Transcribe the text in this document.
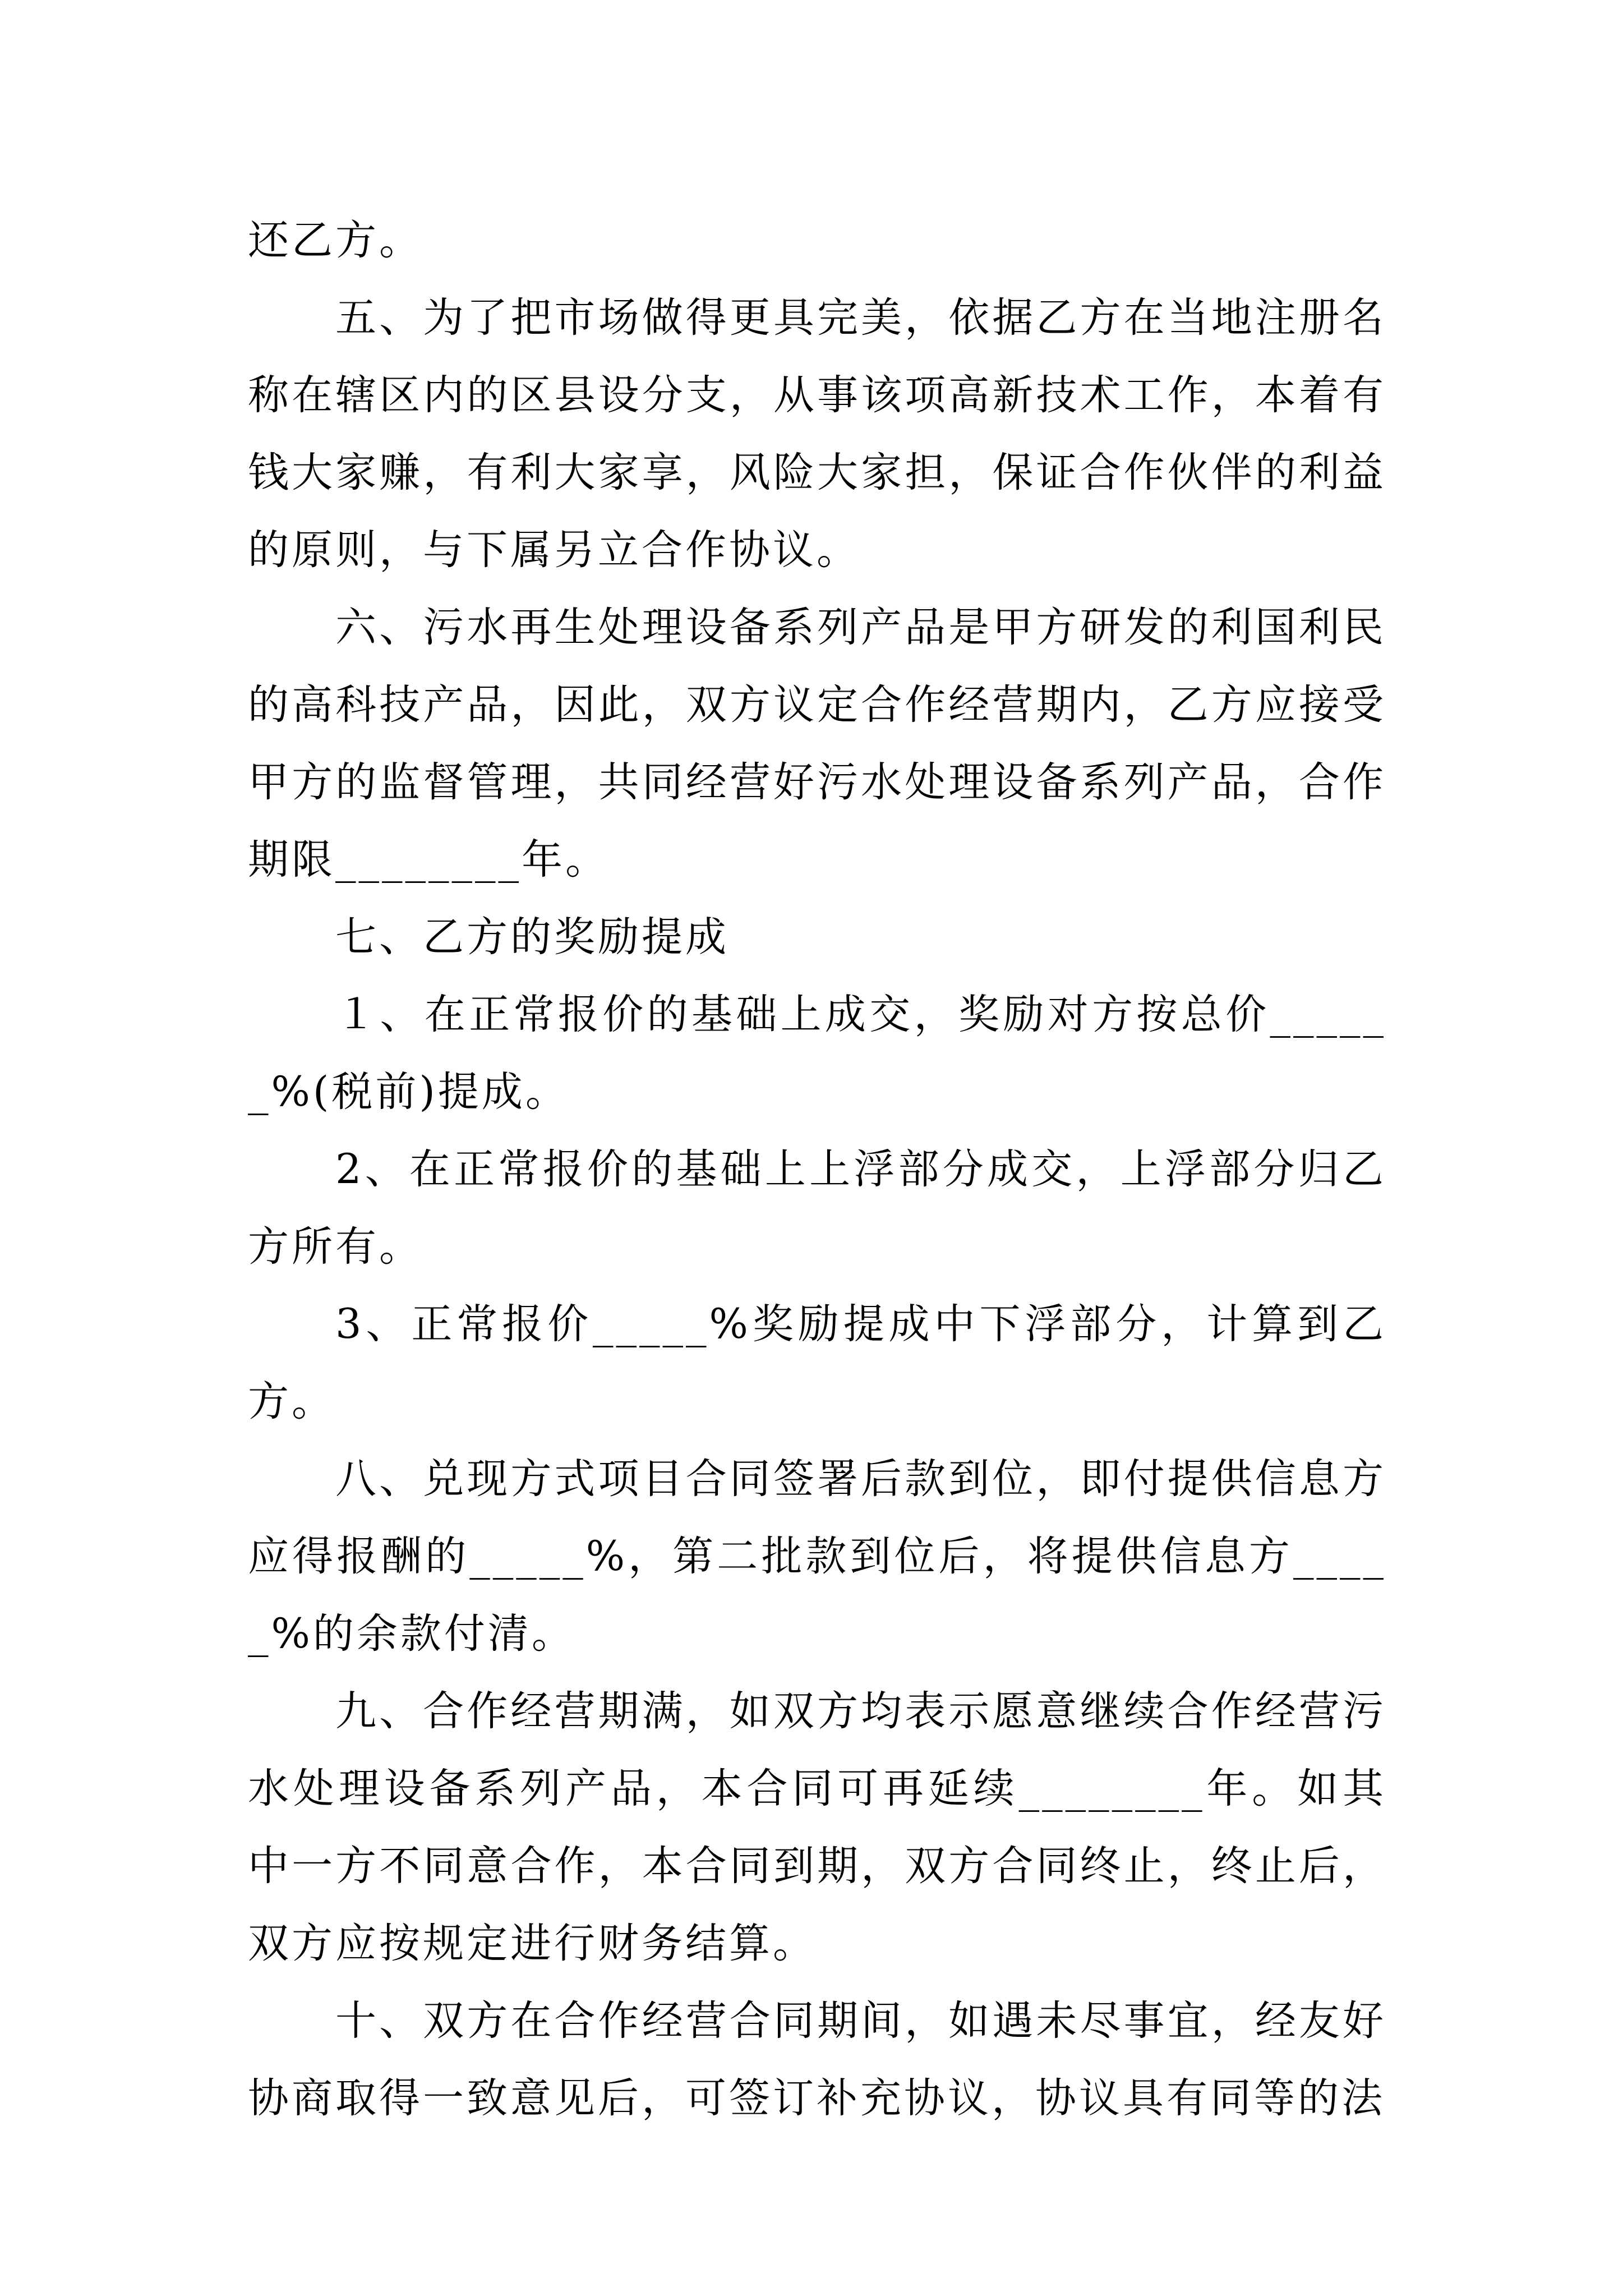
还乙方。

五、为了把市场做得更具完美，依据乙方在当地注册名称在辖区内的区县设分支，从事该项高新技术工作，本着有钱大家赚，有利大家享，风险大家担，保证合作伙伴的利益的原则，与下属另立合作协议。

六、污水再生处理设备系列产品是甲方研发的利国利民的高科技产品，因此，双方议定合作经营期内，乙方应接受甲方的监督管理，共同经营好污水处理设备系列产品，合作期限________年。

七、乙方的奖励提成

１、在正常报价的基础上成交，奖励对方按总价______%(税前)提成。

2、在正常报价的基础上上浮部分成交，上浮部分归乙方所有。

3、正常报价_____%奖励提成中下浮部分，计算到乙方。

八、兑现方式项目合同签署后款到位，即付提供信息方应得报酬的_____%，第二批款到位后，将提供信息方_____%的余款付清。

九、合作经营期满，如双方均表示愿意继续合作经营污水处理设备系列产品，本合同可再延续________年。如其中一方不同意合作，本合同到期，双方合同终止，终止后，双方应按规定进行财务结算。

十、双方在合作经营合同期间，如遇未尽事宜，经友好协商取得一致意见后，可签订补充协议，协议具有同等的法
